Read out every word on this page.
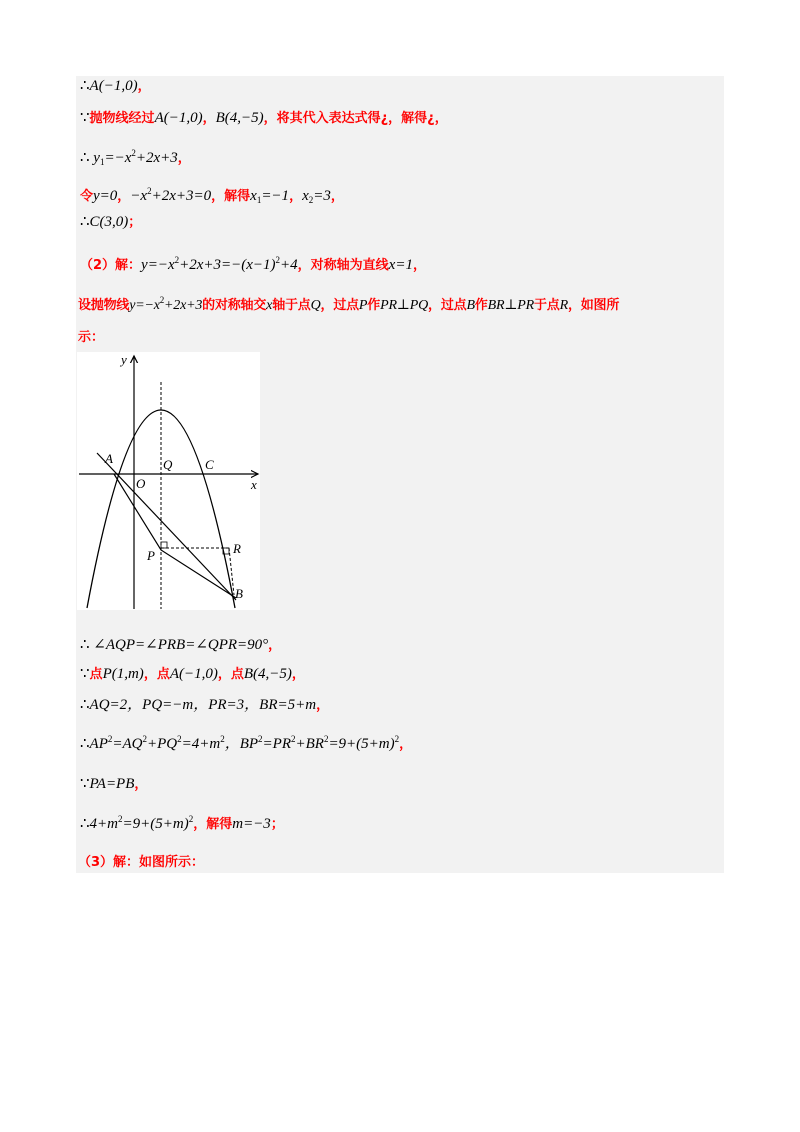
∴A(−1,0)，
∵抛物线经过A(−1,0)，B(4,−5)，将其代入表达式得¿，解得¿，
∴ $y_1=-x^2+2x+3$，
令y=0，$-x^2+2x+3=0$，解得$x_1=-1$，$x_2=3$，
∴C(3,0)；
（2）解：$y=-x^2+2x+3=-(x-1)^2+4$，对称轴为直线x=1，
设抛物线$y=-x^2+2x+3$的对称轴交x轴于点Q，过点P作PR⊥PQ，过点B作BR⊥PR于点R，如图所
示：
y
x
A
O
Q	C
P	R
B
∴ ∠AQP=∠PRB=∠QPR=90°，
∵点P(1,m)，点A(−1,0)，点B(4,−5)，
∴AQ=2，PQ=−m，PR=3，BR=5+m，
$\therefore AP^2=AQ^2+PQ^2=4+m^2$，$BP^2=PR^2+BR^2=9+(5+m)^2$，
∵PA=PB，
$\therefore 4+m^2=9+(5+m)^2$，解得m=−3；
（3）解：如图所示：
